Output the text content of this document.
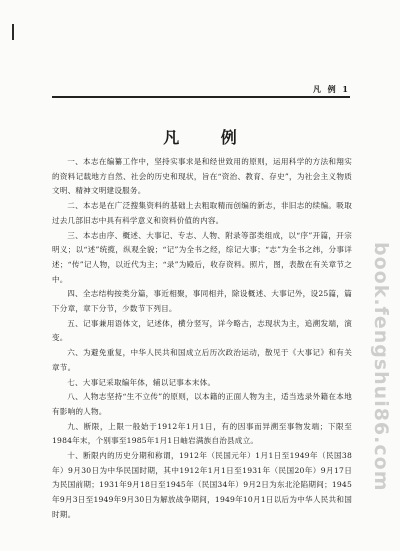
凡 例 1
凡 例

一、本志在编纂工作中，坚持实事求是和经世致用的原则，运用科学的方法和翔实的资料记载地方自然、社会的历史和现状，旨在“资治、教育、存史”，为社会主义物质文明、精神文明建设服务。

二、本志是在广泛搜集资料的基础上去粗取精而创编的新志，非旧志的续编。吸取过去几部旧志中具有科学意义和资料价值的内容。

三、本志由序、概述、大事记、专志、人物、附录等部类组成，以“序”开篇，开宗明义；以“述”统揽，纵观全貌；“记”为全书之经，综记大事；“志”为全书之纬，分事详述；“传”记人物，以近代为主；“录”为殿后，收存资料。照片，图，表散在有关章节之中。

四、全志结构按类分篇，事近相聚，事同相并，除设概述、大事记外，设25篇，篇下分章，章下分节，少数节下列目。

五、记事兼用语体文，记述体，横分竖写，详今略古，志现状为主，追溯发端，演变。

六、为避免重复，中华人民共和国成立后历次政治运动，散见于《大事记》和有关章节。

七、大事记采取编年体，辅以记事本末体。

八、人物志坚持“生不立传”的原则，以本籍的正面人物为主，适当选录外籍在本地有影响的人物。

九、断限，上限一般始于1912年1月1日，有的因事而异溯至事物发端；下限至1984年末，个别事至1985年1月1日岫岩满族自治县成立。

十、断限内的历史分期和称谓，1912年（民国元年）1月1日至1949年（民国38年）9月30日为中华民国时期，其中1912年1月1日至1931年（民国20年）9月17日为民国前期；1931年9月18日至1945年（民国34年）9月2日为东北沦陷期间；1945年9月3日至1949年9月30日为解放战争期间，1949年10月1日以后为中华人民共和国时期。

book.fengshui86.com
